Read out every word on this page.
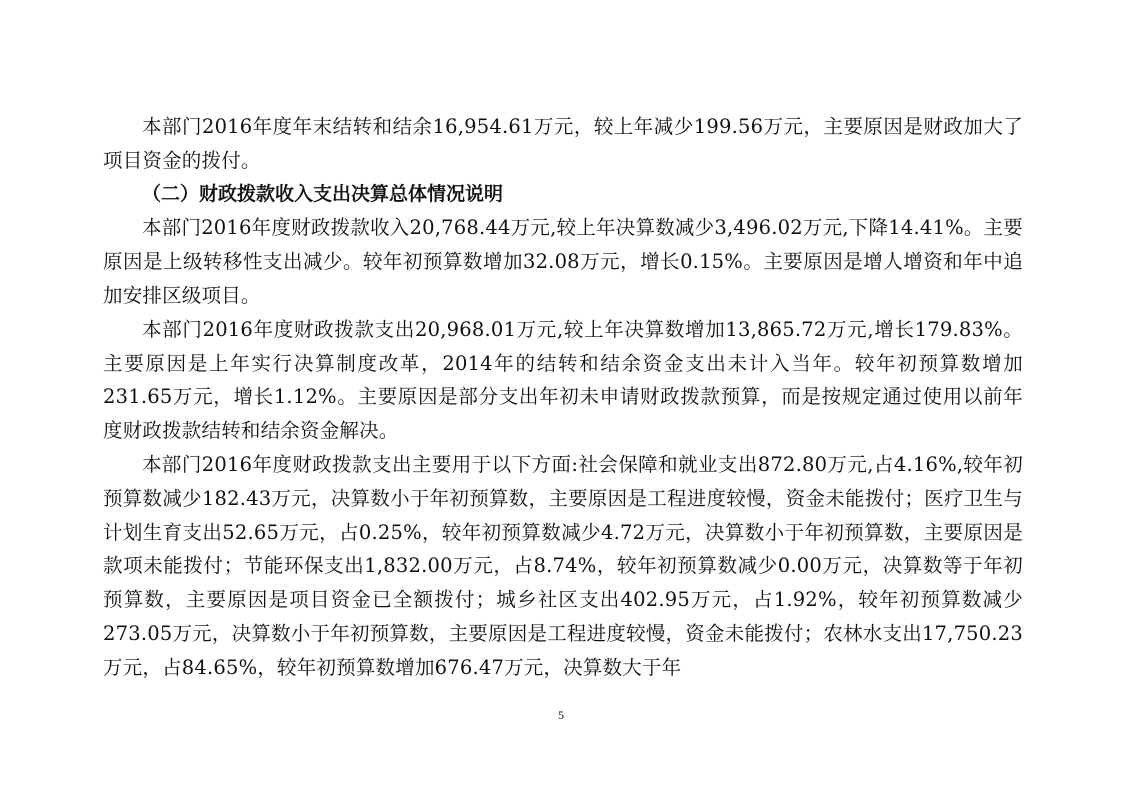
本部门2016年度年末结转和结余16,954.61万元，较上年减少199.56万元，主要原因是财政加大了项目资金的拨付。

（二）财政拨款收入支出决算总体情况说明

本部门2016年度财政拨款收入20,768.44万元,较上年决算数减少3,496.02万元,下降14.41%。主要原因是上级转移性支出减少。较年初预算数增加32.08万元，增长0.15%。主要原因是增人增资和年中追加安排区级项目。

本部门2016年度财政拨款支出20,968.01万元,较上年决算数增加13,865.72万元,增长179.83%。主要原因是上年实行决算制度改革，2014年的结转和结余资金支出未计入当年。较年初预算数增加231.65万元，增长1.12%。主要原因是部分支出年初未申请财政拨款预算，而是按规定通过使用以前年度财政拨款结转和结余资金解决。

本部门2016年度财政拨款支出主要用于以下方面:社会保障和就业支出872.80万元,占4.16%,较年初预算数减少182.43万元，决算数小于年初预算数，主要原因是工程进度较慢，资金未能拨付；医疗卫生与计划生育支出52.65万元，占0.25%，较年初预算数减少4.72万元，决算数小于年初预算数，主要原因是款项未能拨付；节能环保支出1,832.00万元，占8.74%，较年初预算数减少0.00万元，决算数等于年初预算数，主要原因是项目资金已全额拨付；城乡社区支出402.95万元，占1.92%，较年初预算数减少273.05万元，决算数小于年初预算数，主要原因是工程进度较慢，资金未能拨付；农林水支出17,750.23万元，占84.65%，较年初预算数增加676.47万元，决算数大于年

5
